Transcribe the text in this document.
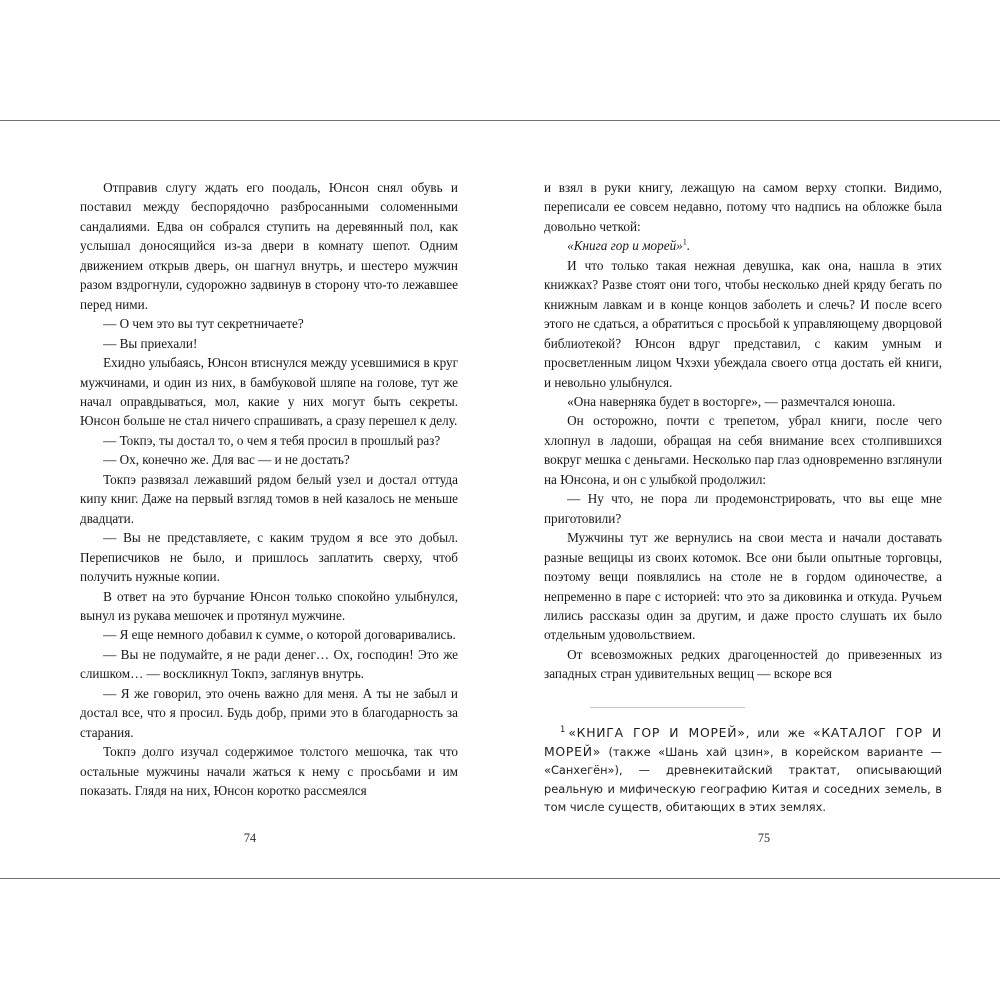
Отправив слугу ждать его поодаль, Юнсон снял обувь и поставил между беспорядочно разбросанными соломенными сандалиями. Едва он собрался ступить на деревянный пол, как услышал доносящийся из-за двери в комнату шепот. Одним движением открыв дверь, он шагнул внутрь, и шестеро мужчин разом вздрогнули, судорожно задвинув в сторону что-то лежавшее перед ними.

— О чем это вы тут секретничаете?

— Вы приехали!

Ехидно улыбаясь, Юнсон втиснулся между усевшимися в круг мужчинами, и один из них, в бамбуковой шляпе на голове, тут же начал оправдываться, мол, какие у них могут быть секреты. Юнсон больше не стал ничего спрашивать, а сразу перешел к делу.

— Токпэ, ты достал то, о чем я тебя просил в прошлый раз?

— Ох, конечно же. Для вас — и не достать?

Токпэ развязал лежавший рядом белый узел и достал оттуда кипу книг. Даже на первый взгляд томов в ней казалось не меньше двадцати.

— Вы не представляете, с каким трудом я все это добыл. Переписчиков не было, и пришлось заплатить сверху, чтоб получить нужные копии.

В ответ на это бурчание Юнсон только спокойно улыбнулся, вынул из рукава мешочек и протянул мужчине.

— Я еще немного добавил к сумме, о которой договаривались.

— Вы не подумайте, я не ради денег… Ох, господин! Это же слишком… — воскликнул Токпэ, заглянув внутрь.

— Я же говорил, это очень важно для меня. А ты не забыл и достал все, что я просил. Будь добр, прими это в благодарность за старания.

Токпэ долго изучал содержимое толстого мешочка, так что остальные мужчины начали жаться к нему с просьбами и им показать. Глядя на них, Юнсон коротко рассмеялся

74

и взял в руки книгу, лежащую на самом верху стопки. Видимо, переписали ее совсем недавно, потому что надпись на обложке была довольно четкой:

«Книга гор и морей»$^1$.

И что только такая нежная девушка, как она, нашла в этих книжках? Разве стоят они того, чтобы несколько дней кряду бегать по книжным лавкам и в конце концов заболеть и слечь? И после всего этого не сдаться, а обратиться с просьбой к управляющему дворцовой библиотекой? Юнсон вдруг представил, с каким умным и просветленным лицом Чхэхи убеждала своего отца достать ей книги, и невольно улыбнулся.

«Она наверняка будет в восторге», — размечтался юноша.

Он осторожно, почти с трепетом, убрал книги, после чего хлопнул в ладоши, обращая на себя внимание всех столпившихся вокруг мешка с деньгами. Несколько пар глаз одновременно взглянули на Юнсона, и он с улыбкой продолжил:

— Ну что, не пора ли продемонстрировать, что вы еще мне приготовили?

Мужчины тут же вернулись на свои места и начали доставать разные вещицы из своих котомок. Все они были опытные торговцы, поэтому вещи появлялись на столе не в гордом одиночестве, а непременно в паре с историей: что это за диковинка и откуда. Ручьем лились рассказы один за другим, и даже просто слушать их было отдельным удовольствием.

От всевозможных редких драгоценностей до привезенных из западных стран удивительных вещиц — вскоре вся

$^1$ «КНИГА ГОР И МОРЕЙ», или же «КАТАЛОГ ГОР И МОРЕЙ» (также «Шань хай цзин», в корейском варианте — «Санхегён»), — древнекитайский трактат, описывающий реальную и мифическую географию Китая и соседних земель, в том числе существ, обитающих в этих землях.
75
